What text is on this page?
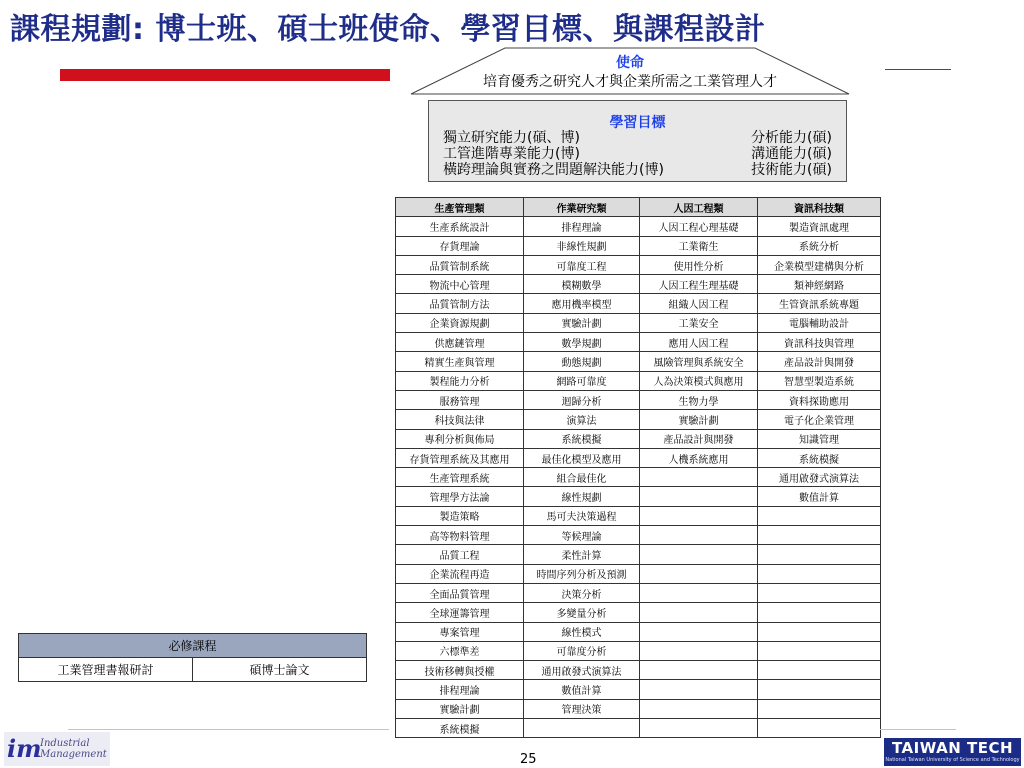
課程規劃: 博士班、碩士班使命、學習目標、與課程設計
使命
培育優秀之研究人才與企業所需之工業管理人才
學習目標
獨立研究能力(碩、博)
工管進階專業能力(博)
橫跨理論與實務之問題解決能力(博)
分析能力(碩)
溝通能力(碩)
技術能力(碩)
生產管理類	作業研究類	人因工程類	資訊科技類
生產系統設計	排程理論	人因工程心理基礎	製造資訊處理
存貨理論	非線性規劃	工業衛生	系統分析
品質管制系統	可靠度工程	使用性分析	企業模型建構與分析
物流中心管理	模糊數學	人因工程生理基礎	類神經網路
品質管制方法	應用機率模型	組織人因工程	生管資訊系統專題
企業資源規劃	實驗計劃	工業安全	電腦輔助設計
供應鏈管理	數學規劃	應用人因工程	資訊科技與管理
精實生產與管理	動態規劃	風險管理與系統安全	產品設計與開發
製程能力分析	網路可靠度	人為決策模式與應用	智慧型製造系統
服務管理	迴歸分析	生物力學	資料探勘應用
科技與法律	演算法	實驗計劃	電子化企業管理
專利分析與佈局	系統模擬	產品設計與開發	知識管理
存貨管理系統及其應用	最佳化模型及應用	人機系統應用	系統模擬
生產管理系統	組合最佳化		通用啟發式演算法
管理學方法論	線性規劃		數值計算
製造策略	馬可夫決策過程		
高等物料管理	等候理論		
品質工程	柔性計算		
企業流程再造	時間序列分析及預測		
全面品質管理	決策分析		
全球運籌管理	多變量分析		
專案管理	線性模式		
六標準差	可靠度分析		
技術移轉與授權	通用啟發式演算法		
排程理論	數值計算		
實驗計劃	管理決策		
系統模擬			
必修課程
工業管理書報研討	碩博士論文
im
Industrial
Management	25
TAIWAN TECH
National Taiwan University of Science and Technology
